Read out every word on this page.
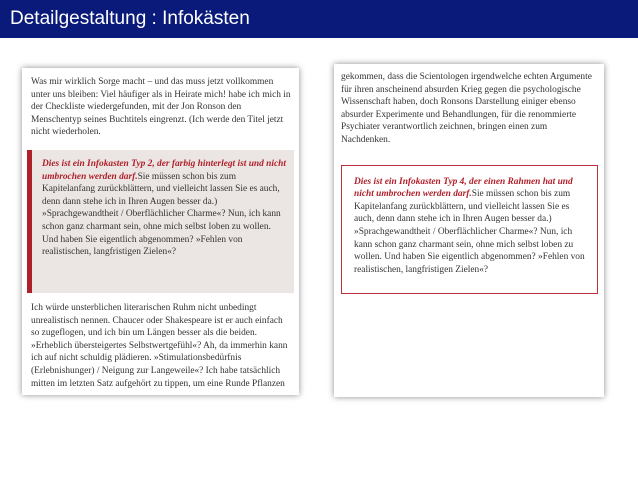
Detailgestaltung : Infokästen

Was mir wirklich Sorge macht – und das muss jetzt vollkommen unter uns bleiben: Viel häufiger als in Heirate mich! habe ich mich in der Checkliste wiedergefunden, mit der Jon Ronson den Menschentyp seines Buchtitels eingrenzt. (Ich werde den Titel jetzt nicht wiederholen.

Dies ist ein Infokasten Typ 2, der farbig hinterlegt ist und nicht umbrochen werden darf.Sie müssen schon bis zum Kapitelanfang zurückblättern, und vielleicht lassen Sie es auch, denn dann stehe ich in Ihren Augen besser da.) »Sprachgewandtheit / Oberflächlicher Charme«? Nun, ich kann schon ganz charmant sein, ohne mich selbst loben zu wollen. Und haben Sie eigentlich abgenommen? »Fehlen von realistischen, langfristigen Zielen«?

Ich würde unsterblichen literarischen Ruhm nicht unbedingt unrealistisch nennen. Chaucer oder Shakespeare ist er auch einfach so zugeflogen, und ich bin um Längen besser als die beiden. »Erheblich übersteigertes Selbstwertgefühl«? Ah, da immerhin kann ich auf nicht schuldig plädieren. »Stimulationsbedürfnis (Erlebnishunger) / Neigung zur Langeweile«? Ich habe tatsächlich mitten im letzten Satz aufgehört zu tippen, um eine Runde Pflanzen

gekommen, dass die Scientologen irgendwelche echten Argumente für ihren anscheinend absurden Krieg gegen die psychologische Wissenschaft haben, doch Ronsons Darstellung einiger ebenso absurder Experimente und Behandlungen, für die renommierte Psychiater verantwortlich zeichnen, bringen einen zum Nachdenken.

Dies ist ein Infokasten Typ 4, der einen Rahmen hat und nicht umbrochen werden darf.Sie müssen schon bis zum Kapitelanfang zurückblättern, und vielleicht lassen Sie es auch, denn dann stehe ich in Ihren Augen besser da.) »Sprachgewandtheit / Oberflächlicher Charme«? Nun, ich kann schon ganz charmant sein, ohne mich selbst loben zu wollen. Und haben Sie eigentlich abgenommen? »Fehlen von realistischen, langfristigen Zielen«?
